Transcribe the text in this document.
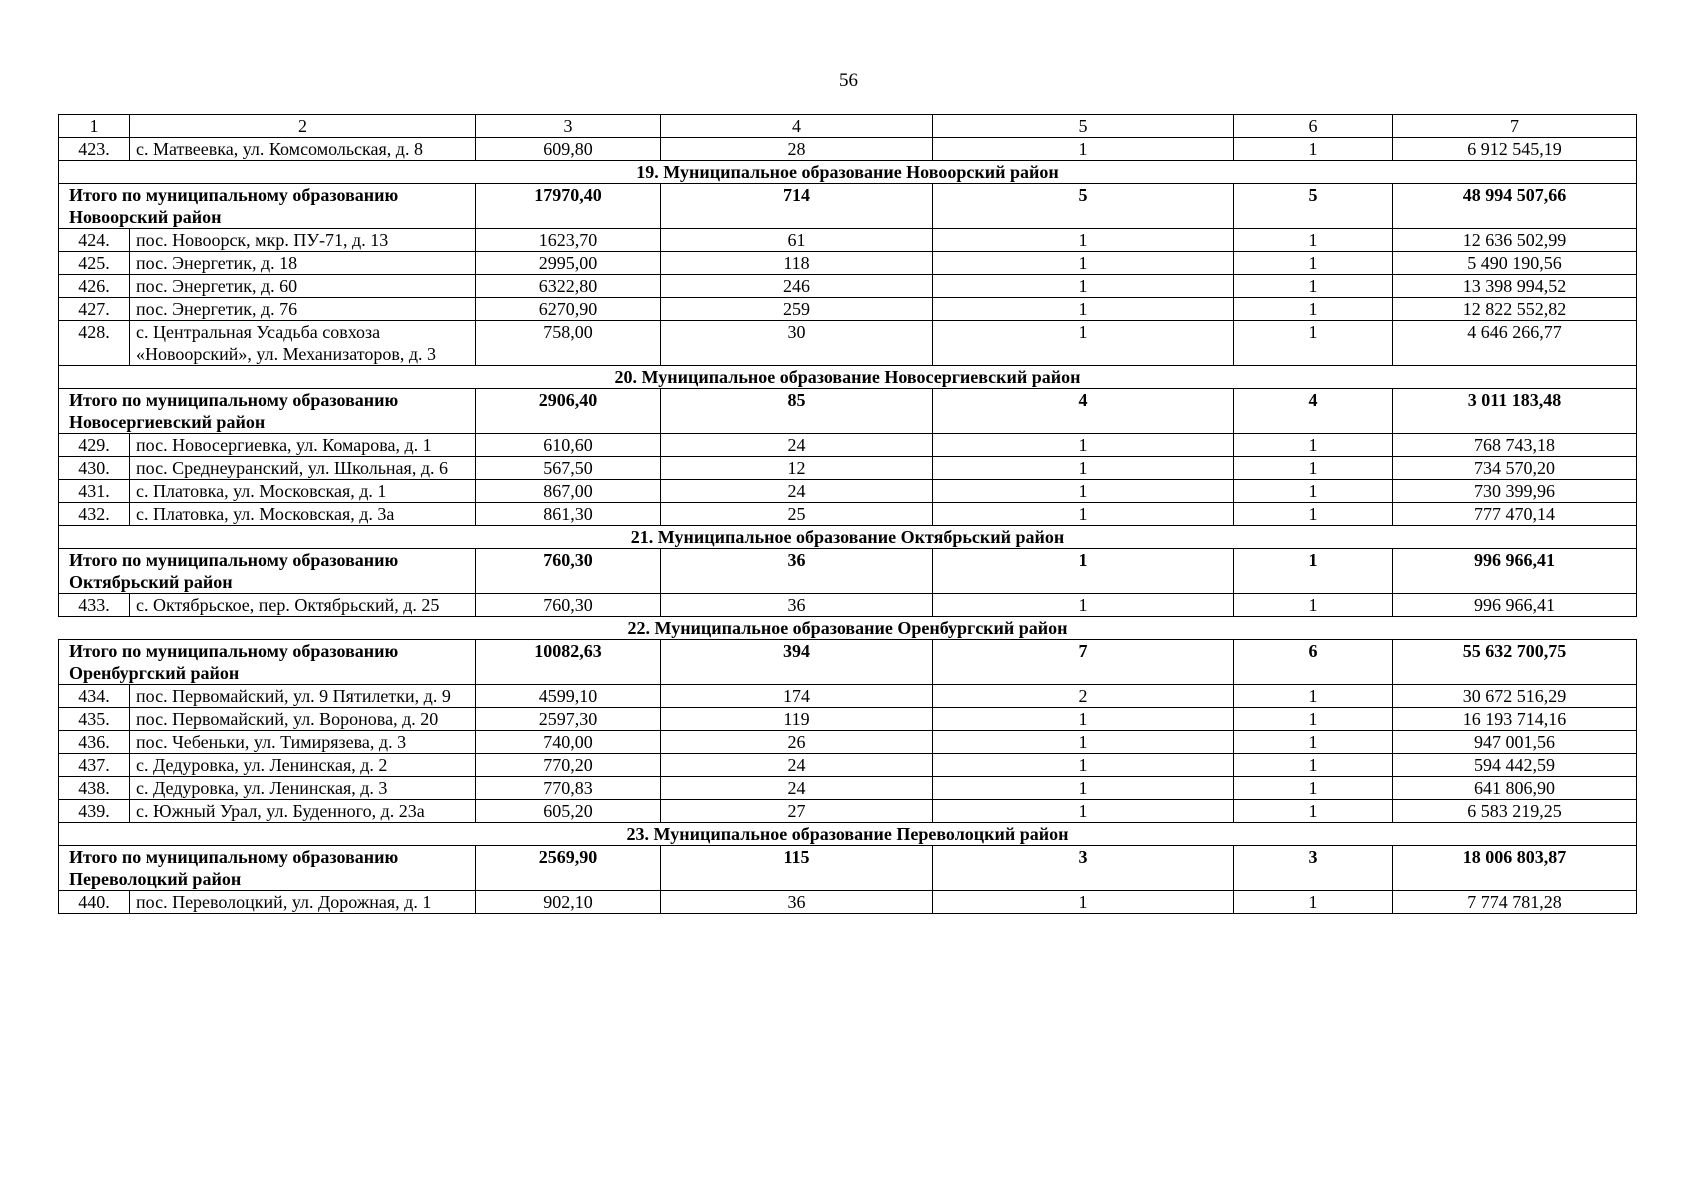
56
1	2	3	4	5	6	7
423.	с. Матвеевка, ул. Комсомольская, д. 8	609,80	28	1	1	6 912 545,19
19. Муниципальное образование Новоорский район						
Итого по муниципальному образованию Новоорский район		17970,40	714	5	5	48 994 507,66
424.	пос. Новоорск, мкр. ПУ-71, д. 13	1623,70	61	1	1	12 636 502,99
425.	пос. Энергетик, д. 18	2995,00	118	1	1	5 490 190,56
426.	пос. Энергетик, д. 60	6322,80	246	1	1	13 398 994,52
427.	пос. Энергетик, д. 76	6270,90	259	1	1	12 822 552,82
428.	с. Центральная Усадьба совхоза «Новоорский», ул. Механизаторов, д. 3	758,00	30	1	1	4 646 266,77
20. Муниципальное образование Новосергиевский район						
Итого по муниципальному образованию Новосергиевский район		2906,40	85	4	4	3 011 183,48
429.	пос. Новосергиевка, ул. Комарова, д. 1	610,60	24	1	1	768 743,18
430.	пос. Среднеуранский, ул. Школьная, д. 6	567,50	12	1	1	734 570,20
431.	с. Платовка, ул. Московская, д. 1	867,00	24	1	1	730 399,96
432.	с. Платовка, ул. Московская, д. 3а	861,30	25	1	1	777 470,14
21. Муниципальное образование Октябрьский район						
Итого по муниципальному образованию Октябрьский район		760,30	36	1	1	996 966,41
433.	с. Октябрьское, пер. Октябрьский, д. 25	760,30	36	1	1	996 966,41
22. Муниципальное образование Оренбургский район						
Итого по муниципальному образованию Оренбургский район		10082,63	394	7	6	55 632 700,75
434.	пос. Первомайский, ул. 9 Пятилетки, д. 9	4599,10	174	2	1	30 672 516,29
435.	пос. Первомайский, ул. Воронова, д. 20	2597,30	119	1	1	16 193 714,16
436.	пос. Чебеньки, ул. Тимирязева, д. 3	740,00	26	1	1	947 001,56
437.	с. Дедуровка, ул. Ленинская, д. 2	770,20	24	1	1	594 442,59
438.	с. Дедуровка, ул. Ленинская, д. 3	770,83	24	1	1	641 806,90
439.	с. Южный Урал, ул. Буденного, д. 23а	605,20	27	1	1	6 583 219,25
23. Муниципальное образование Переволоцкий район						
Итого по муниципальному образованию Переволоцкий район		2569,90	115	3	3	18 006 803,87
440.	пос. Переволоцкий, ул. Дорожная, д. 1	902,10	36	1	1	7 774 781,28
